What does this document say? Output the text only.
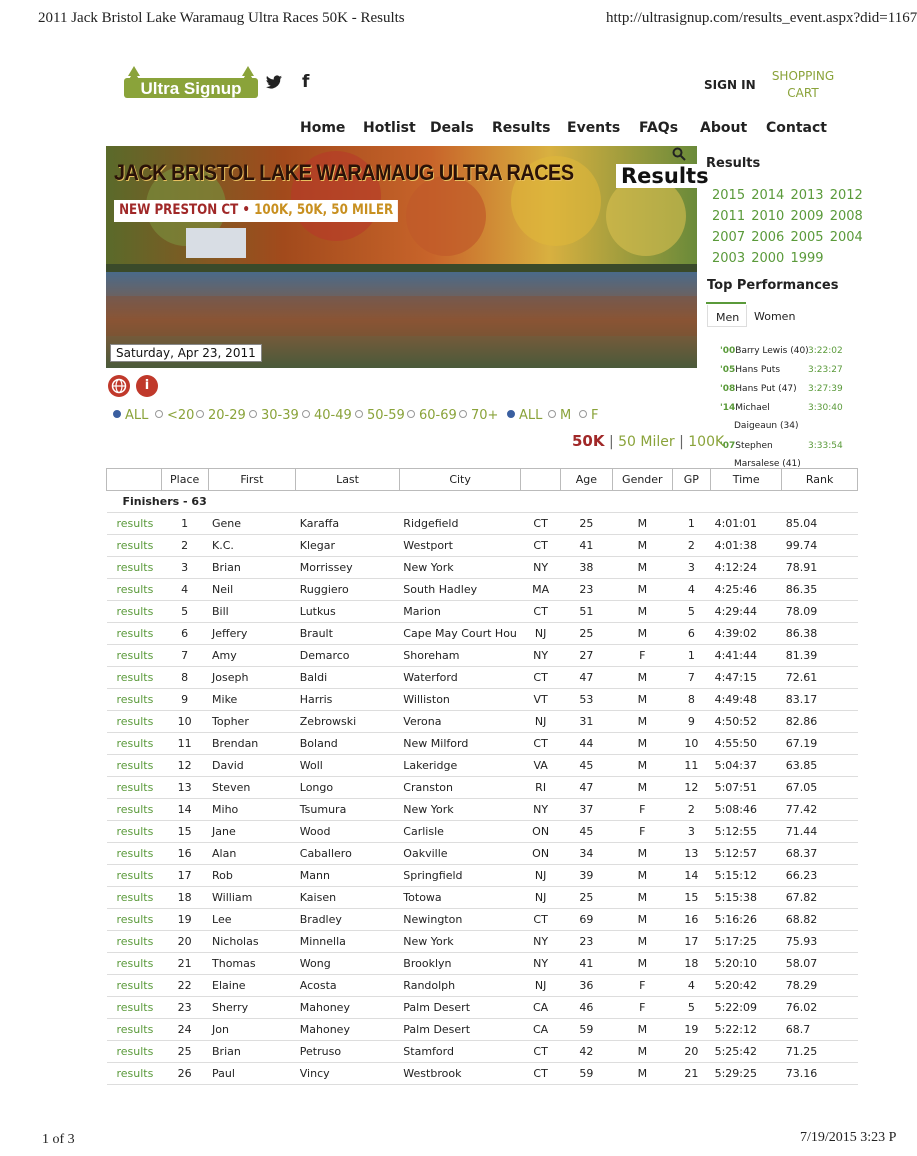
2011 Jack Bristol Lake Waramaug Ultra Races 50K - Results	http://ultrasignup.com/results_event.aspx?did=1167
Ultra Signup	f	SIGN IN
SHOPPING
CART
Home Hotlist Deals Results Events FAQs About Contact
JACK BRISTOL LAKE WARAMAUG ULTRA RACES
NEW PRESTON CT • 100K, 50K, 50 MILER
Results
Saturday, Apr 23, 2011
i
ALL	<20	20-29	30-39	40-49	50-59	60-69	70+	ALL	M	F
50K | 50 Miler | 100K
Results
2015 2014 2013 2012
2011 2010 2009 2008
2007 2006 2005 2004
2003 2000 1999
Top Performances
Men	Women
'00Barry Lewis (40) 3:22:02
'05Hans Puts	3:23:27
'08Hans Put (47) 3:27:39
'14Michael	3:30:40
Daigeaun (34)
'07Stephen	3:33:54
Marsalese (41)
	Place	First	Last	City		Age	Gender	GP	Time	Rank
Finishers - 63										
results	1	Gene	Karaffa	Ridgefield	CT	25	M	1	4:01:01	85.04
results	2	K.C.	Klegar	Westport	CT	41	M	2	4:01:38	99.74
results	3	Brian	Morrissey	New York	NY	38	M	3	4:12:24	78.91
results	4	Neil	Ruggiero	South Hadley	MA	23	M	4	4:25:46	86.35
results	5	Bill	Lutkus	Marion	CT	51	M	5	4:29:44	78.09
results	6	Jeffery	Brault	Cape May Court Hou	NJ	25	M	6	4:39:02	86.38
results	7	Amy	Demarco	Shoreham	NY	27	F	1	4:41:44	81.39
results	8	Joseph	Baldi	Waterford	CT	47	M	7	4:47:15	72.61
results	9	Mike	Harris	Williston	VT	53	M	8	4:49:48	83.17
results	10	Topher	Zebrowski	Verona	NJ	31	M	9	4:50:52	82.86
results	11	Brendan	Boland	New Milford	CT	44	M	10	4:55:50	67.19
results	12	David	Woll	Lakeridge	VA	45	M	11	5:04:37	63.85
results	13	Steven	Longo	Cranston	RI	47	M	12	5:07:51	67.05
results	14	Miho	Tsumura	New York	NY	37	F	2	5:08:46	77.42
results	15	Jane	Wood	Carlisle	ON	45	F	3	5:12:55	71.44
results	16	Alan	Caballero	Oakville	ON	34	M	13	5:12:57	68.37
results	17	Rob	Mann	Springfield	NJ	39	M	14	5:15:12	66.23
results	18	William	Kaisen	Totowa	NJ	25	M	15	5:15:38	67.82
results	19	Lee	Bradley	Newington	CT	69	M	16	5:16:26	68.82
results	20	Nicholas	Minnella	New York	NY	23	M	17	5:17:25	75.93
results	21	Thomas	Wong	Brooklyn	NY	41	M	18	5:20:10	58.07
results	22	Elaine	Acosta	Randolph	NJ	36	F	4	5:20:42	78.29
results	23	Sherry	Mahoney	Palm Desert	CA	46	F	5	5:22:09	76.02
results	24	Jon	Mahoney	Palm Desert	CA	59	M	19	5:22:12	68.7
results	25	Brian	Petruso	Stamford	CT	42	M	20	5:25:42	71.25
results	26	Paul	Vincy	Westbrook	CT	59	M	21	5:29:25	73.16
1 of 3	7/19/2015 3:23 P
